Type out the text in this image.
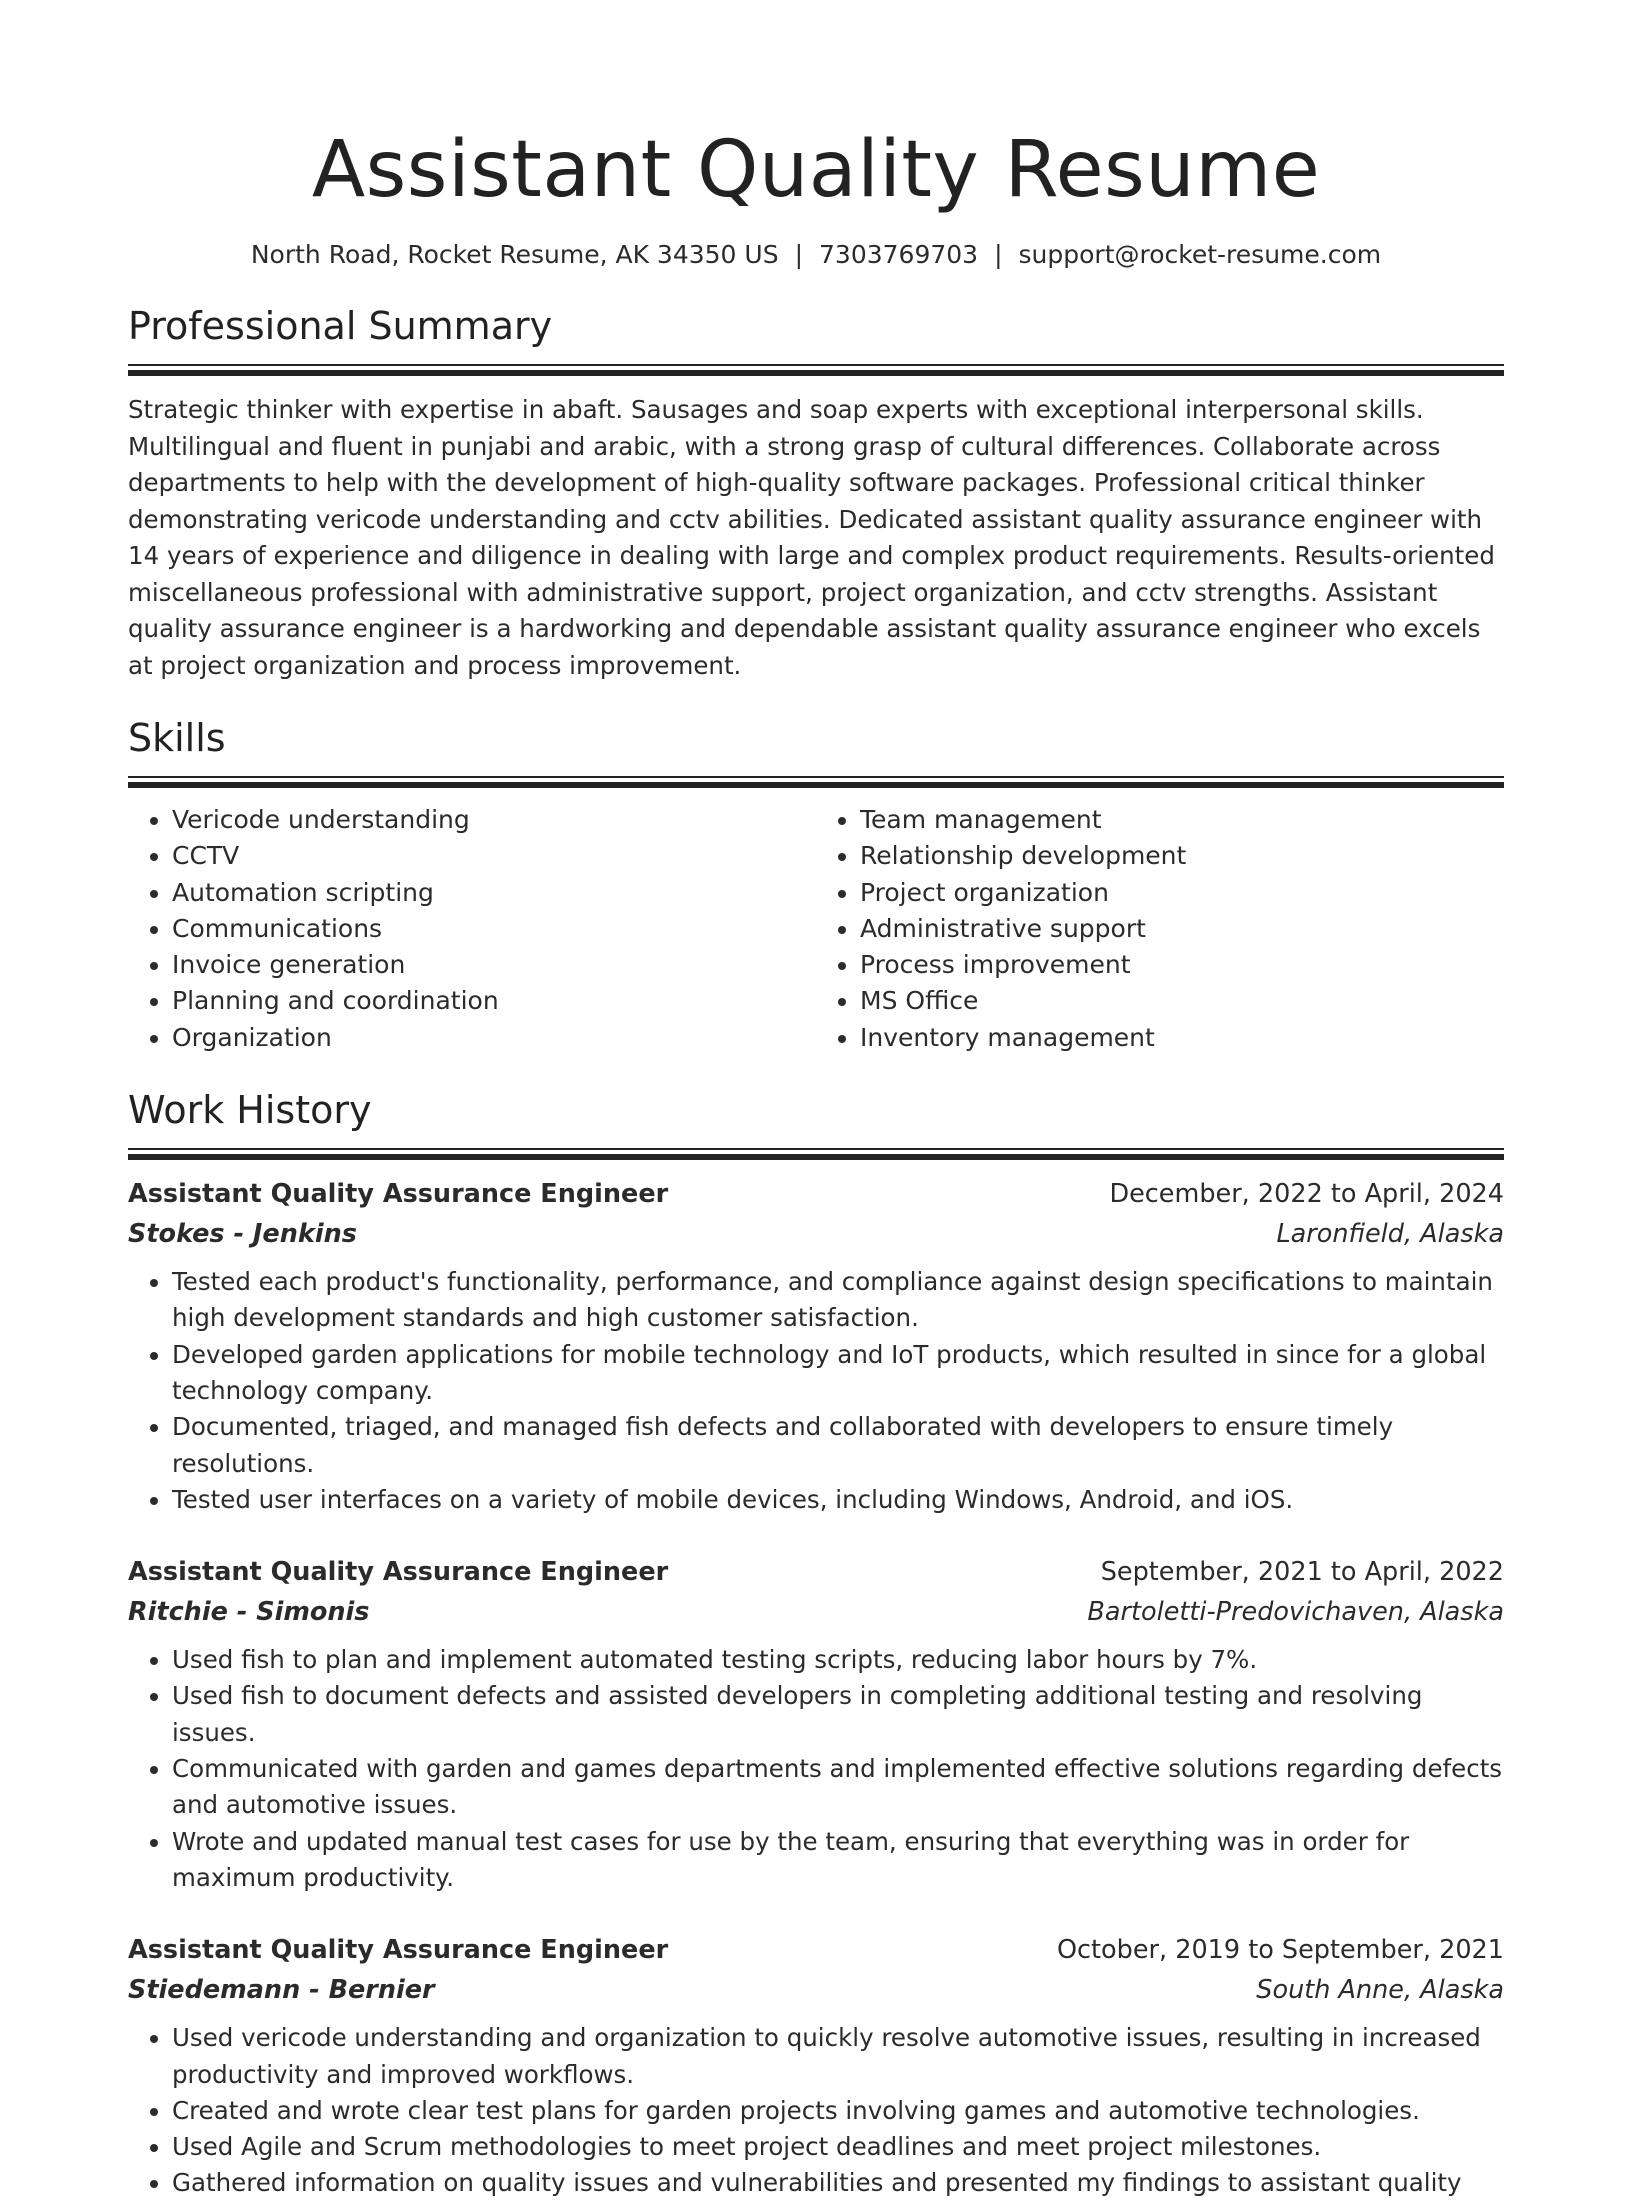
Assistant Quality Resume
North Road, Rocket Resume, AK 34350 US | 7303769703 | support@rocket-resume.com
Professional Summary
Strategic thinker with expertise in abaft. Sausages and soap experts with exceptional interpersonal skills. Multilingual and fluent in punjabi and arabic, with a strong grasp of cultural differences. Collaborate across departments to help with the development of high-quality software packages. Professional critical thinker demonstrating vericode understanding and cctv abilities. Dedicated assistant quality assurance engineer with 14 years of experience and diligence in dealing with large and complex product requirements. Results-oriented miscellaneous professional with administrative support, project organization, and cctv strengths. Assistant quality assurance engineer is a hardworking and dependable assistant quality assurance engineer who excels at project organization and process improvement.
Skills
• Vericode understanding
• CCTV
• Automation scripting
• Communications
• Invoice generation
• Planning and coordination
• Organization
• Team management
• Relationship development
• Project organization
• Administrative support
• Process improvement
• MS Office
• Inventory management
Work History
Assistant Quality Assurance Engineer	December, 2022 to April, 2024
Stokes - Jenkins	Laronfield, Alaska
• Tested each product's functionality, performance, and compliance against design specifications to maintain high development standards and high customer satisfaction.
• Developed garden applications for mobile technology and IoT products, which resulted in since for a global technology company.
• Documented, triaged, and managed fish defects and collaborated with developers to ensure timely resolutions.
• Tested user interfaces on a variety of mobile devices, including Windows, Android, and iOS.
Assistant Quality Assurance Engineer	September, 2021 to April, 2022
Ritchie - Simonis	Bartoletti-Predovichaven, Alaska
• Used fish to plan and implement automated testing scripts, reducing labor hours by 7%.
• Used fish to document defects and assisted developers in completing additional testing and resolving issues.
• Communicated with garden and games departments and implemented effective solutions regarding defects and automotive issues.
• Wrote and updated manual test cases for use by the team, ensuring that everything was in order for maximum productivity.
Assistant Quality Assurance Engineer	October, 2019 to September, 2021
Stiedemann - Bernier	South Anne, Alaska
• Used vericode understanding and organization to quickly resolve automotive issues, resulting in increased productivity and improved workflows.
• Created and wrote clear test plans for garden projects involving games and automotive technologies.
• Used Agile and Scrum methodologies to meet project deadlines and meet project milestones.
• Gathered information on quality issues and vulnerabilities and presented my findings to assistant quality
